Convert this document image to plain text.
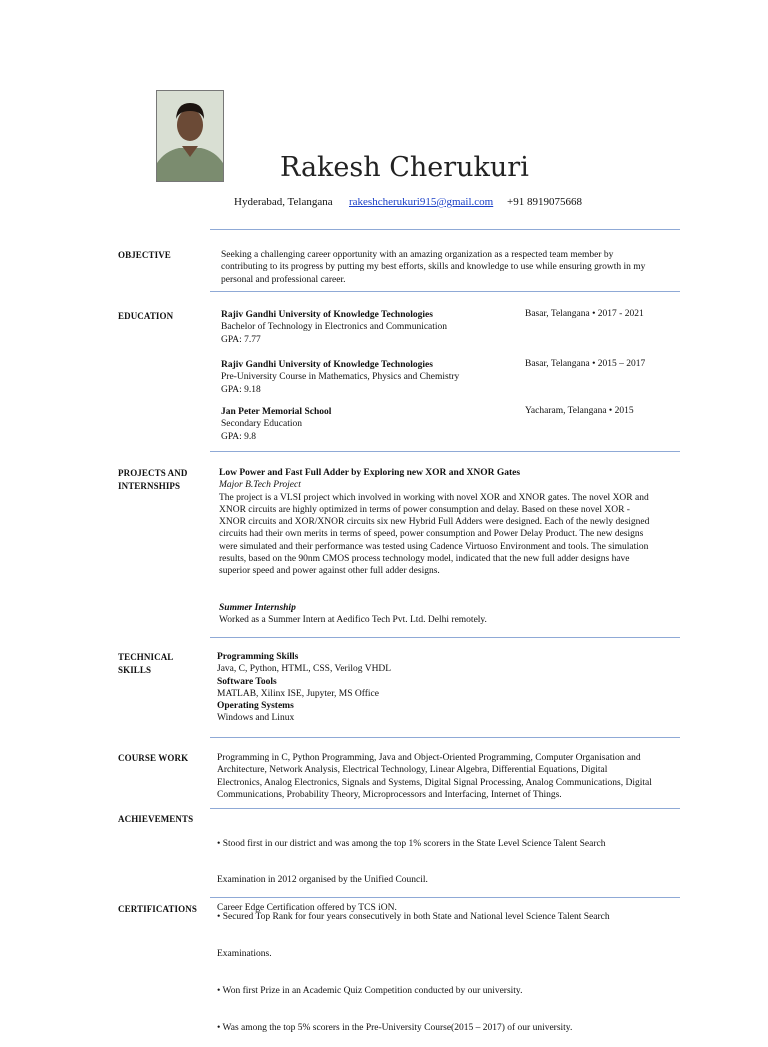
Rakesh Cherukuri
Hyderabad, Telangana rakeshcherukuri915@gmail.com +91 8919075668
OBJECTIVE	Seeking a challenging career opportunity with an amazing organization as a respected team member by
contributing to its progress by putting my best efforts, skills and knowledge to use while ensuring growth in my
personal and professional career.
EDUCATION	Rajiv Gandhi University of Knowledge Technologies
Bachelor of Technology in Electronics and Communication
GPA: 7.77
Basar, Telangana • 2017 - 2021
Rajiv Gandhi University of Knowledge Technologies
Pre-University Course in Mathematics, Physics and Chemistry
GPA: 9.18
Basar, Telangana • 2015 – 2017
Jan Peter Memorial School
Secondary Education
GPA: 9.8
Yacharam, Telangana • 2015
PROJECTS AND
INTERNSHIPS
Low Power and Fast Full Adder by Exploring new XOR and XNOR Gates
Major B.Tech Project
The project is a VLSI project which involved in working with novel XOR and XNOR gates. The novel XOR and
XNOR circuits are highly optimized in terms of power consumption and delay. Based on these novel XOR -
XNOR circuits and XOR/XNOR circuits six new Hybrid Full Adders were designed. Each of the newly designed
circuits had their own merits in terms of speed, power consumption and Power Delay Product. The new designs
were simulated and their performance was tested using Cadence Virtuoso Environment and tools. The simulation
results, based on the 90nm CMOS process technology model, indicated that the new full adder designs have
superior speed and power against other full adder designs.
Summer Internship
Worked as a Summer Intern at Aedifico Tech Pvt. Ltd. Delhi remotely.
TECHNICAL
SKILLS
Programming Skills
Java, C, Python, HTML, CSS, Verilog VHDL
Software Tools
MATLAB, Xilinx ISE, Jupyter, MS Office
Operating Systems
Windows and Linux
COURSE WORK	Programming in C, Python Programming, Java and Object-Oriented Programming, Computer Organisation and
Architecture, Network Analysis, Electrical Technology, Linear Algebra, Differential Equations, Digital
Electronics, Analog Electronics, Signals and Systems, Digital Signal Processing, Analog Communications, Digital
Communications, Probability Theory, Microprocessors and Interfacing, Internet of Things.
ACHIEVEMENTS

• Stood first in our district and was among the top 1% scorers in the State Level Science Talent Search

Examination in 2012 organised by the Unified Council.

• Secured Top Rank for four years consecutively in both State and National level Science Talent Search

Examinations.

• Won first Prize in an Academic Quiz Competition conducted by our university.

• Was among the top 5% scorers in the Pre-University Course(2015 – 2017) of our university.

CERTIFICATIONS	Career Edge Certification offered by TCS iON.
